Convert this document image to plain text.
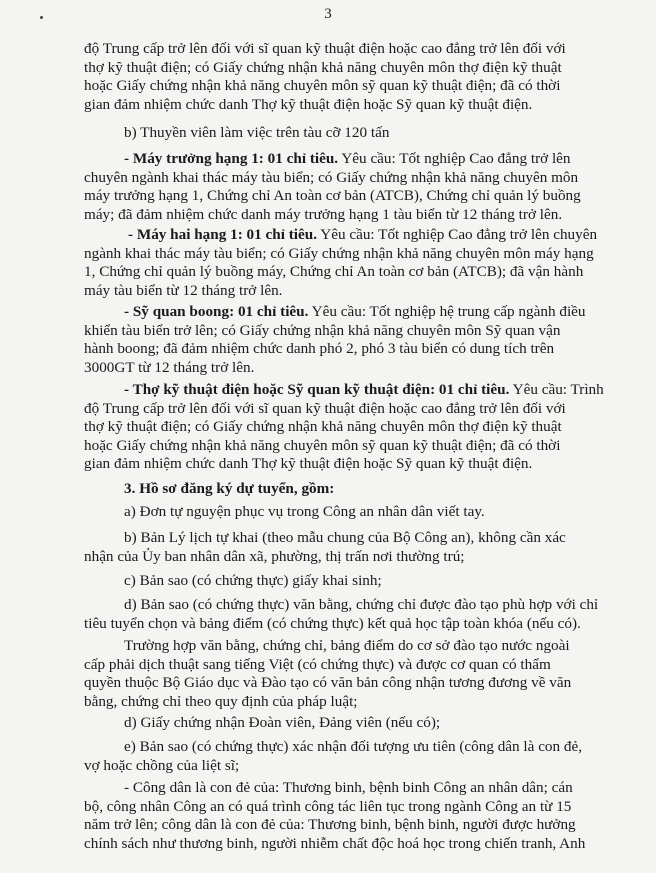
3
độ Trung cấp trở lên đối với sĩ quan kỹ thuật điện hoặc cao đẳng trở lên đối với
thợ kỹ thuật điện; có Giấy chứng nhận khả năng chuyên môn thợ điện kỹ thuật
hoặc Giấy chứng nhận khả năng chuyên môn sỹ quan kỹ thuật điện; đã có thời
gian đảm nhiệm chức danh Thợ kỹ thuật điện hoặc Sỹ quan kỹ thuật điện.
b) Thuyền viên làm việc trên tàu cỡ 120 tấn
- Máy trưởng hạng 1: 01 chỉ tiêu. Yêu cầu: Tốt nghiệp Cao đẳng trở lên
chuyên ngành khai thác máy tàu biển; có Giấy chứng nhận khả năng chuyên môn
máy trưởng hạng 1, Chứng chỉ An toàn cơ bản (ATCB), Chứng chỉ quản lý buồng
máy; đã đảm nhiệm chức danh máy trưởng hạng 1 tàu biển từ 12 tháng trở lên.
- Máy hai hạng 1: 01 chỉ tiêu. Yêu cầu: Tốt nghiệp Cao đẳng trở lên chuyên
ngành khai thác máy tàu biển; có Giấy chứng nhận khả năng chuyên môn máy hạng
1, Chứng chỉ quản lý buồng máy, Chứng chỉ An toàn cơ bản (ATCB); đã vận hành
máy tàu biển từ 12 tháng trở lên.
- Sỹ quan boong: 01 chỉ tiêu. Yêu cầu: Tốt nghiệp hệ trung cấp ngành điều
khiển tàu biển trở lên; có Giấy chứng nhận khả năng chuyên môn Sỹ quan vận
hành boong; đã đảm nhiệm chức danh phó 2, phó 3 tàu biển có dung tích trên
3000GT từ 12 tháng trở lên.
- Thợ kỹ thuật điện hoặc Sỹ quan kỹ thuật điện: 01 chỉ tiêu. Yêu cầu: Trình
độ Trung cấp trở lên đối với sĩ quan kỹ thuật điện hoặc cao đẳng trở lên đối với
thợ kỹ thuật điện; có Giấy chứng nhận khả năng chuyên môn thợ điện kỹ thuật
hoặc Giấy chứng nhận khả năng chuyên môn sỹ quan kỹ thuật điện; đã có thời
gian đảm nhiệm chức danh Thợ kỹ thuật điện hoặc Sỹ quan kỹ thuật điện.
3. Hồ sơ đăng ký dự tuyển, gồm:
a) Đơn tự nguyện phục vụ trong Công an nhân dân viết tay.
b) Bản Lý lịch tự khai (theo mẫu chung của Bộ Công an), không cần xác
nhận của Ủy ban nhân dân xã, phường, thị trấn nơi thường trú;
c) Bản sao (có chứng thực) giấy khai sinh;
d) Bản sao (có chứng thực) văn bằng, chứng chỉ được đào tạo phù hợp với chỉ
tiêu tuyển chọn và bảng điểm (có chứng thực) kết quả học tập toàn khóa (nếu có).
Trường hợp văn bằng, chứng chỉ, bảng điểm do cơ sở đào tạo nước ngoài
cấp phải dịch thuật sang tiếng Việt (có chứng thực) và được cơ quan có thẩm
quyền thuộc Bộ Giáo dục và Đào tạo có văn bản công nhận tương đương về văn
bằng, chứng chỉ theo quy định của pháp luật;
d) Giấy chứng nhận Đoàn viên, Đảng viên (nếu có);
e) Bản sao (có chứng thực) xác nhận đối tượng ưu tiên (công dân là con đẻ,
vợ hoặc chồng của liệt sĩ;
- Công dân là con đẻ của: Thương binh, bệnh binh Công an nhân dân; cán
bộ, công nhân Công an có quá trình công tác liên tục trong ngành Công an từ 15
năm trở lên; công dân là con đẻ của: Thương binh, bệnh binh, người được hưởng
chính sách như thương binh, người nhiễm chất độc hoá học trong chiến tranh, Anh
